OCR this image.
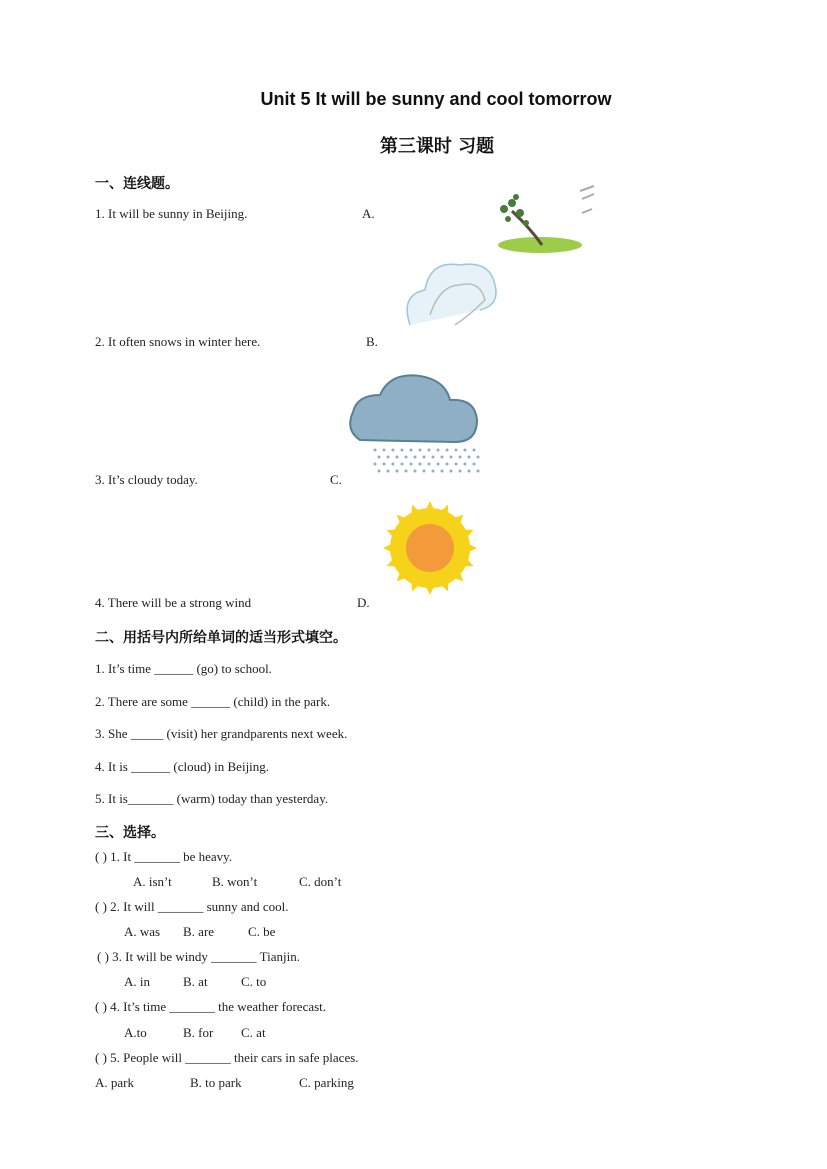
Unit 5 It will be sunny and cool tomorrow
第三课时 习题
一、连线题。
1. It will be sunny in Beijing.	A.
2. It often snows in winter here.	B.
3. It’s cloudy today.	C.
4. There will be a strong wind	D.
二、用括号内所给单词的适当形式填空。
1. It’s time ______ (go) to school.
2. There are some ______ (child) in the park.
3. She _____ (visit) her grandparents next week.
4. It is ______ (cloud) in Beijing.
5. It is_______ (warm) today than yesterday.
三、选择。
( ) 1. It _______ be heavy.
A. isn’t	B. won’t	C. don’t
( ) 2. It will _______ sunny and cool.
A. was B. are	C. be
( ) 3. It will be windy _______ Tianjin.
A. in	B. at	C. to
( ) 4. It’s time _______ the weather forecast.
A.to	B. for C. at
( ) 5. People will _______ their cars in safe places.
A. park	B. to park	C. parking
